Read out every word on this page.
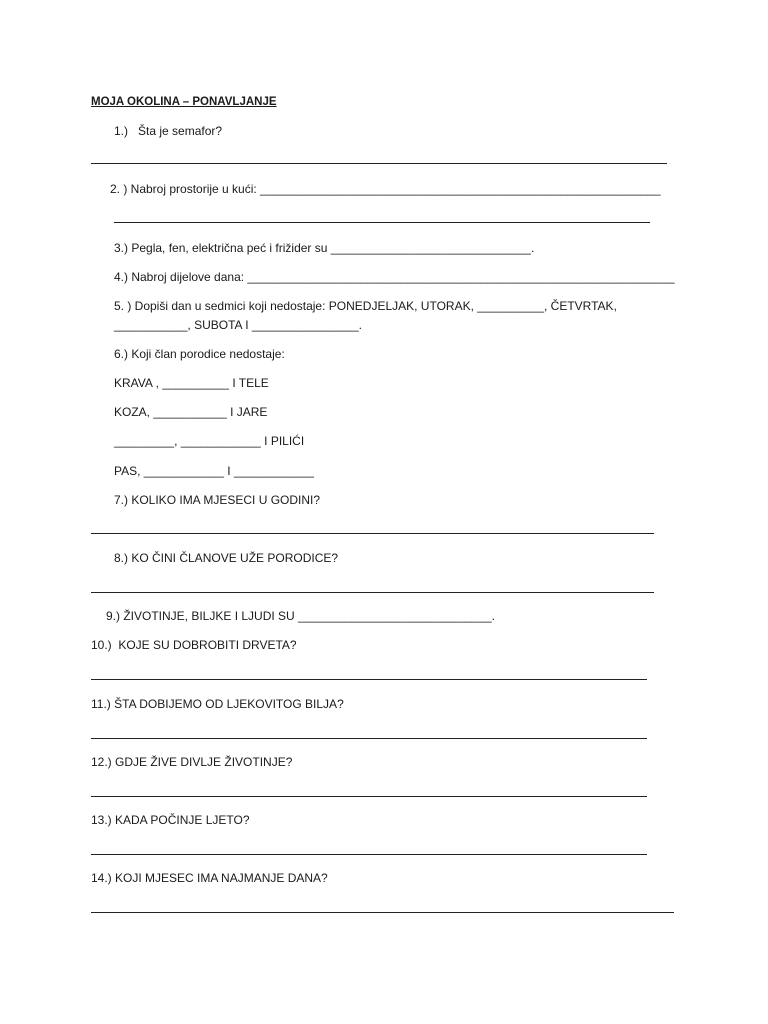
MOJA OKOLINA – PONAVLJANJE
1.)   Šta je semafor?
2. ) Nabroj prostorije u kući: ____________________________________________________________
3.) Pegla, fen, električna peć i frižider su ______________________________.
4.) Nabroj dijelove dana: ________________________________________________________________
5. ) Dopiši dan u sedmici koji nedostaje: PONEDJELJAK, UTORAK, __________, ČETVRTAK,
___________, SUBOTA I ________________.
6.) Koji član porodice nedostaje:
KRAVA , __________ I TELE
KOZA, ___________ I JARE
_________, ____________ I PILIĆI
PAS, ____________ I ____________
7.) KOLIKO IMA MJESECI U GODINI?
8.) KO ČINI ČLANOVE UŽE PORODICE?
9.) ŽIVOTINJE, BILJKE I LJUDI SU _____________________________.
10.)  KOJE SU DOBROBITI DRVETA?
11.) ŠTA DOBIJEMO OD LJEKOVITOG BILJA?
12.) GDJE ŽIVE DIVLJE ŽIVOTINJE?
13.) KADA POČINJE LJETO?
14.) KOJI MJESEC IMA NAJMANJE DANA?
